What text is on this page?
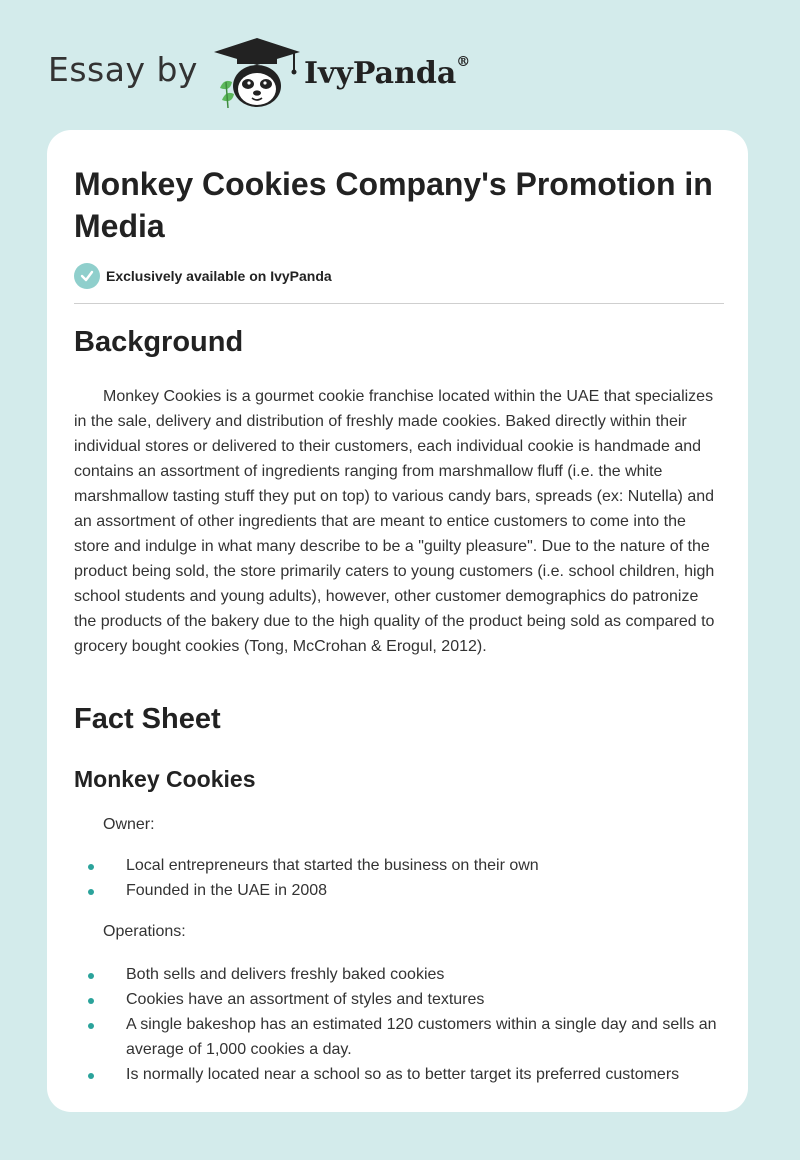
Essay by	IvyPanda®
Monkey Cookies Company's Promotion in Media
Exclusively available on IvyPanda
Background

Monkey Cookies is a gourmet cookie franchise located within the UAE that specializes in the sale, delivery and distribution of freshly made cookies. Baked directly within their individual stores or delivered to their customers, each individual cookie is handmade and contains an assortment of ingredients ranging from marshmallow fluff (i.e. the white marshmallow tasting stuff they put on top) to various candy bars, spreads (ex: Nutella) and an assortment of other ingredients that are meant to entice customers to come into the store and indulge in what many describe to be a "guilty pleasure". Due to the nature of the product being sold, the store primarily caters to young customers (i.e. school children, high school students and young adults), however, other customer demographics do patronize the products of the bakery due to the high quality of the product being sold as compared to grocery bought cookies (Tong, McCrohan & Erogul, 2012).

Fact Sheet
Monkey Cookies

Owner:

Local entrepreneurs that started the business on their own
Founded in the UAE in 2008

Operations:

Both sells and delivers freshly baked cookies
Cookies have an assortment of styles and textures
A single bakeshop has an estimated 120 customers within a single day and sells an average of 1,000 cookies a day.
Is normally located near a school so as to better target its preferred customers
